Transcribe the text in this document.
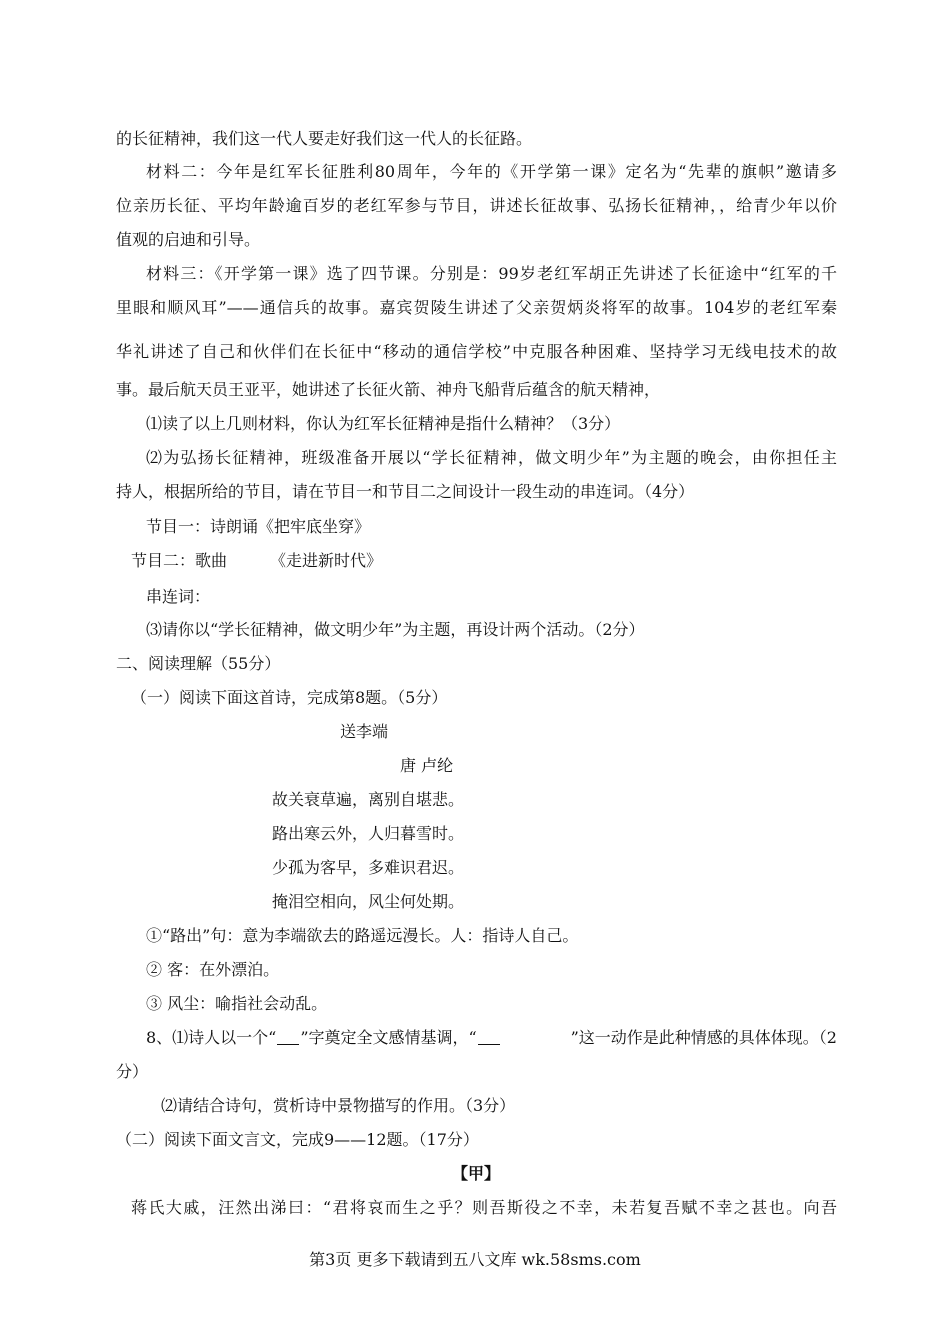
的长征精神，我们这一代人要走好我们这一代人的长征路。
材料二：今年是红军长征胜利80周年，今年的《开学第一课》定名为“先辈的旗帜”邀请多
位亲历长征、平均年龄逾百岁的老红军参与节目，讲述长征故事、弘扬长征精神，，给青少年以价
值观的启迪和引导。
材料三：《开学第一课》选了四节课。分别是：99岁老红军胡正先讲述了长征途中“红军的千
里眼和顺风耳”——通信兵的故事。嘉宾贺陵生讲述了父亲贺炳炎将军的故事。104岁的老红军秦
华礼讲述了自己和伙伴们在长征中“移动的通信学校”中克服各种困难、坚持学习无线电技术的故
事。最后航天员王亚平，她讲述了长征火箭、神舟飞船背后蕴含的航天精神，
⑴读了以上几则材料，你认为红军长征精神是指什么精神？（3分）
⑵为弘扬长征精神，班级准备开展以“学长征精神，做文明少年”为主题的晚会，由你担任主
持人，根据所给的节目，请在节目一和节目二之间设计一段生动的串连词。（4分）
节目一：诗朗诵《把牢底坐穿》
节目二：歌曲	《走进新时代》
串连词：
⑶请你以“学长征精神，做文明少年”为主题，再设计两个活动。（2分）
二、阅读理解（55分）
（一）阅读下面这首诗，完成第8题。（5分）
送李端
唐 卢纶
故关衰草遍，离别自堪悲。
路出寒云外，人归暮雪时。
少孤为客早，多难识君迟。
掩泪空相向，风尘何处期。
①“路出”句：意为李端欲去的路遥远漫长。人：指诗人自己。
② 客：在外漂泊。
③ 风尘：喻指社会动乱。
8、⑴诗人以一个“ ”字奠定全文感情基调，“	”这一动作是此种情感的具体体现。（2
分）
⑵请结合诗句，赏析诗中景物描写的作用。（3分）
（二）阅读下面文言文，完成9——12题。（17分）
【甲】
蒋氏大戚，汪然出涕曰：“君将哀而生之乎？则吾斯役之不幸，未若复吾赋不幸之甚也。向吾
第3页 更多下载请到五八文库 wk.58sms.com
